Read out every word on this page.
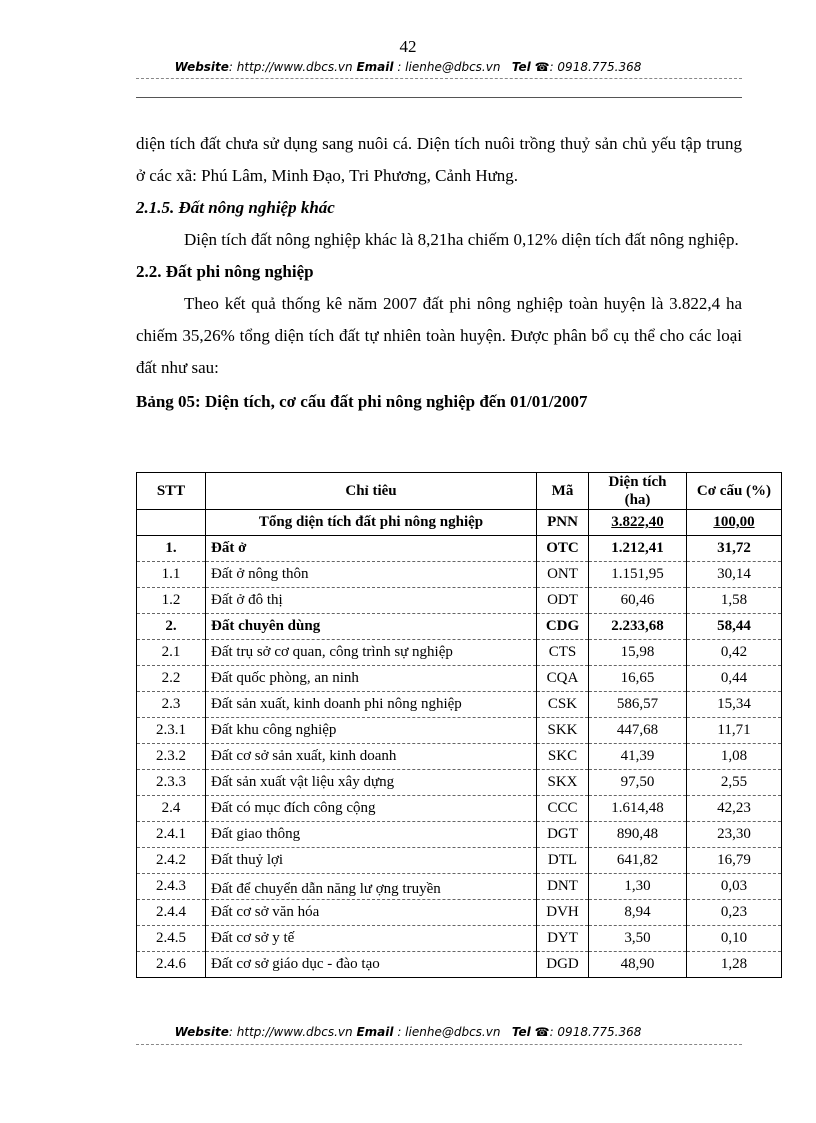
42
Website: http://www.dbcs.vn Email : lienhe@dbcs.vn Tel ☎: 0918.775.368

diện tích đất chưa sử dụng sang nuôi cá. Diện tích nuôi trồng thuỷ sản chủ yếu tập trung ở các xã: Phú Lâm, Minh Đạo, Tri Phương, Cảnh Hưng.

2.1.5. Đất nông nghiệp khác

Diện tích đất nông nghiệp khác là 8,21ha chiếm 0,12% diện tích đất nông nghiệp.

2.2. Đất phi nông nghiệp

Theo kết quả thống kê năm 2007 đất phi nông nghiệp toàn huyện là 3.822,4 ha chiếm 35,26% tổng diện tích đất tự nhiên toàn huyện. Được phân bổ cụ thể cho các loại đất như sau:

Bảng 05: Diện tích, cơ cấu đất phi nông nghiệp đến 01/01/2007

STT	Chỉ tiêu	Mã	Diện tích (ha)	Cơ cấu (%)
	Tổng diện tích đất phi nông nghiệp	PNN	3.822,40	100,00
1.	Đất ở	OTC	1.212,41	31,72
1.1	Đất ở nông thôn	ONT	1.151,95	30,14
1.2	Đất ở đô thị	ODT	60,46	1,58
2.	Đất chuyên dùng	CDG	2.233,68	58,44
2.1	Đất trụ sở cơ quan, công trình sự nghiệp	CTS	15,98	0,42
2.2	Đất quốc phòng, an ninh	CQA	16,65	0,44
2.3	Đất sản xuất, kinh doanh phi nông nghiệp	CSK	586,57	15,34
2.3.1	Đất khu công nghiệp	SKK	447,68	11,71
2.3.2	Đất cơ sở sản xuất, kinh doanh	SKC	41,39	1,08
2.3.3	Đất sản xuất vật liệu xây dựng	SKX	97,50	2,55
2.4	Đất có mục đích công cộng	CCC	1.614,48	42,23
2.4.1	Đất giao thông	DGT	890,48	23,30
2.4.2	Đất thuỷ lợi	DTL	641,82	16,79
2.4.3	Đất để chuyển dẫn năng lư ợng truyền	DNT	1,30	0,03
2.4.4	Đất cơ sở văn hóa	DVH	8,94	0,23
2.4.5	Đất cơ sở y tế	DYT	3,50	0,10
2.4.6	Đất cơ sở giáo dục - đào tạo	DGD	48,90	1,28
Website: http://www.dbcs.vn Email : lienhe@dbcs.vn Tel ☎: 0918.775.368
